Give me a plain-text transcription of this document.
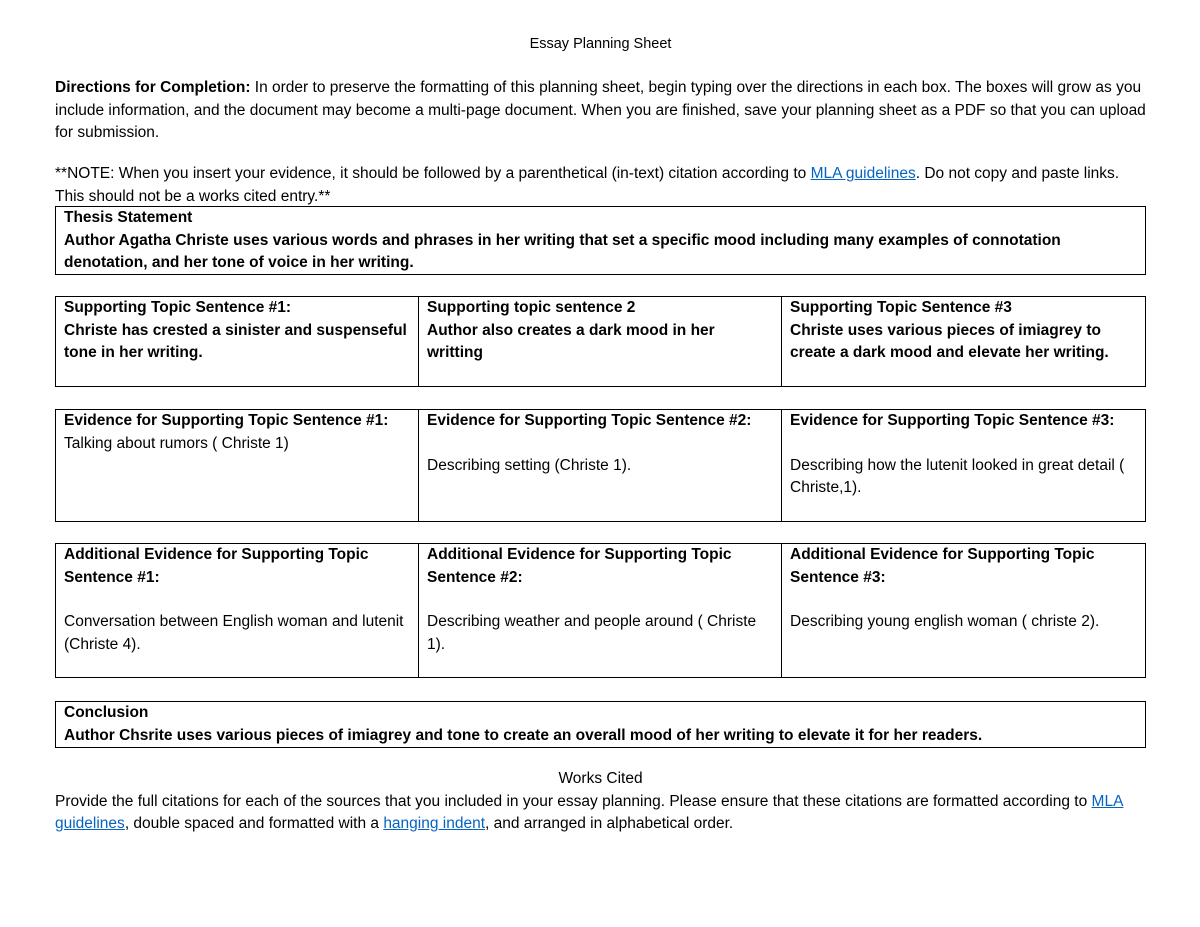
Essay Planning Sheet
Directions for Completion: In order to preserve the formatting of this planning sheet, begin typing over the directions in each box. The boxes will grow as you include information, and the document may become a multi-page document. When you are finished, save your planning sheet as a PDF so that you can upload for submission.
**NOTE: When you insert your evidence, it should be followed by a parenthetical (in-text) citation according to MLA guidelines. Do not copy and paste links. This should not be a works cited entry.**
Thesis Statement
Author Agatha Christe uses various words and phrases in her writing that set a specific mood including many examples of connotation denotation, and her tone of voice in her writing.
Supporting Topic Sentence #1:
Christe has crested a sinister and suspenseful tone in her writing.
Supporting topic sentence 2
Author also creates a dark mood in her writting
Supporting Topic Sentence #3
Christe uses various pieces of imiagrey to create a dark mood and elevate her writing.
Evidence for Supporting Topic Sentence #1:
Talking about rumors ( Christe 1)
Evidence for Supporting Topic Sentence #2:
Describing setting (Christe 1).
Evidence for Supporting Topic Sentence #3:
Describing how the lutenit looked in great detail ( Christe,1).
Additional Evidence for Supporting Topic Sentence #1:
Conversation between English woman and lutenit (Christe 4).
Additional Evidence for Supporting Topic Sentence #2:
Describing weather and people around ( Christe 1).
Additional Evidence for Supporting Topic Sentence #3:
Describing young english woman ( christe 2).
Conclusion
Author Chsrite uses various pieces of imiagrey and tone to create an overall mood of her writing to elevate it for her readers.
Works Cited
Provide the full citations for each of the sources that you included in your essay planning. Please ensure that these citations are formatted according to MLA guidelines, double spaced and formatted with a hanging indent, and arranged in alphabetical order.
